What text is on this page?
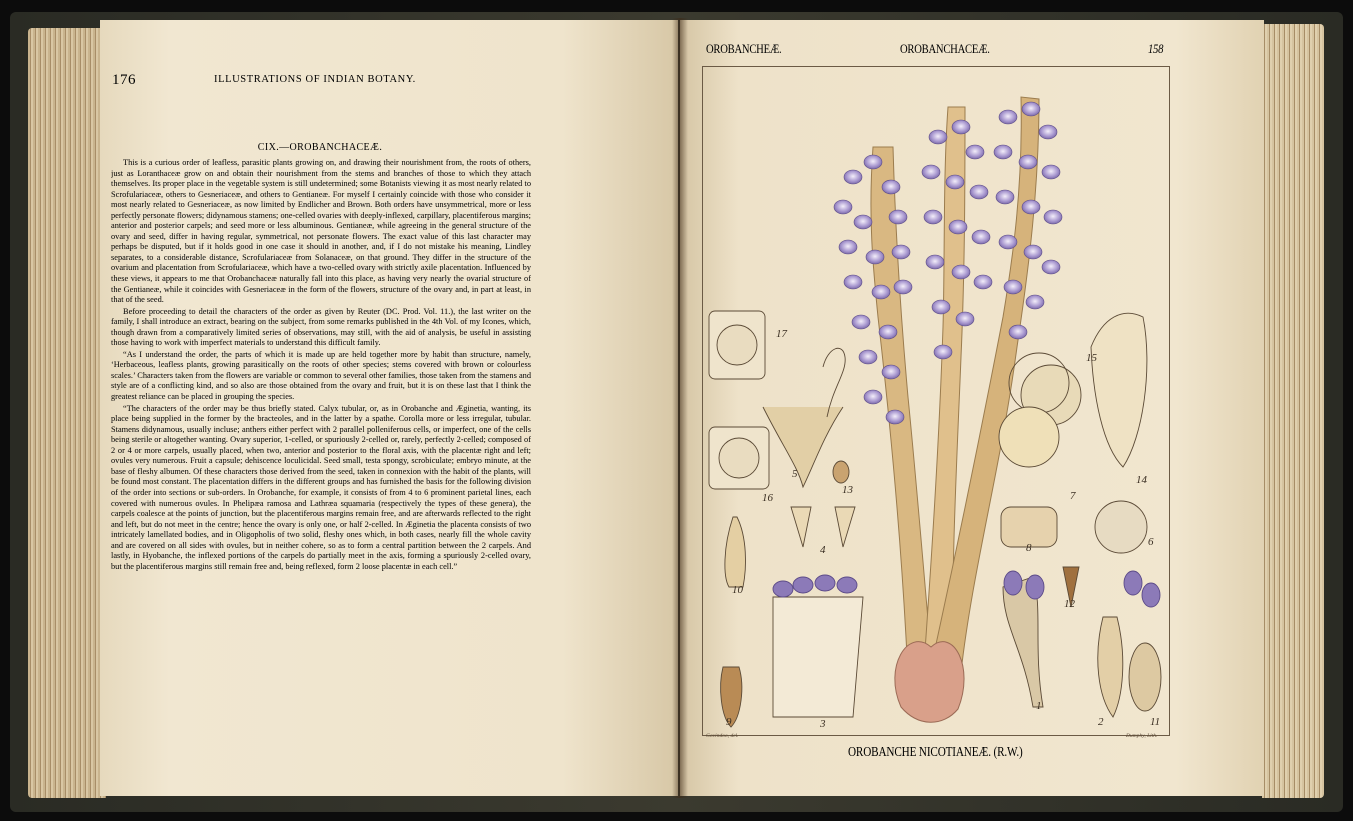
176	ILLUSTRATIONS OF INDIAN BOTANY.
CIX.—OROBANCHACEÆ.

This is a curious order of leafless, parasitic plants growing on, and drawing their nourishment from, the roots of others, just as Loranthaceæ grow on and obtain their nourishment from the stems and branches of those to which they attach themselves. Its proper place in the vegetable system is still undetermined; some Botanists viewing it as most nearly related to Scrofulariaceæ, others to Gesneriaceæ, and others to Gentianeæ. For myself I certainly coincide with those who consider it most nearly related to Gesneriaceæ, as now limited by Endlicher and Brown. Both orders have unsymmetrical, more or less perfectly personate flowers; didynamous stamens; one-celled ovaries with deeply-inflexed, carpillary, placentiferous margins; anterior and posterior carpels; and seed more or less albuminous. Gentianeæ, while agreeing in the general structure of the ovary and seed, differ in having regular, symmetrical, not personate flowers. The exact value of this last character may perhaps be disputed, but if it holds good in one case it should in another, and, if I do not mistake his meaning, Lindley separates, to a considerable distance, Scrofulariaceæ from Solanaceæ, on that ground. They differ in the structure of the ovarium and placentation from Scrofulariaceæ, which have a two-celled ovary with strictly axile placentation. Influenced by these views, it appears to me that Orobanchaceæ naturally fall into this place, as having very nearly the ovarial structure of the Gentianeæ, while it coincides with Gesneriaceæ in the form of the flowers, structure of the ovary and, in part at least, in that of the seed.

Before proceeding to detail the characters of the order as given by Reuter (DC. Prod. Vol. 11.), the last writer on the family, I shall introduce an extract, bearing on the subject, from some remarks published in the 4th Vol. of my Icones, which, though drawn from a comparatively limited series of observations, may still, with the aid of analysis, be useful in assisting those having to work with imperfect materials to understand this difficult family.

“As I understand the order, the parts of which it is made up are held together more by habit than structure, namely, ‘Herbaceous, leafless plants, growing parasitically on the roots of other species; stems covered with brown or colourless scales.’ Characters taken from the flowers are variable or common to several other families, those taken from the stamens and style are of a conflicting kind, and so also are those obtained from the ovary and fruit, but it is on these last that I think the greatest reliance can be placed in grouping the species.

“The characters of the order may be thus briefly stated. Calyx tubular, or, as in Orobanche and Æginetia, wanting, its place being supplied in the former by the bracteoles, and in the latter by a spathe. Corolla more or less irregular, tubular. Stamens didynamous, usually incluse; anthers either perfect with 2 parallel polleniferous cells, or imperfect, one of the cells being sterile or altogether wanting. Ovary superior, 1-celled, or spuriously 2-celled or, rarely, perfectly 2-celled; composed of 2 or 4 or more carpels, usually placed, when two, anterior and posterior to the floral axis, with the placentæ right and left; ovules very numerous. Fruit a capsule; dehiscence loculicidal. Seed small, testa spongy, scrobiculate; embryo minute, at the base of fleshy albumen. Of these characters those derived from the seed, taken in connexion with the habit of the plants, will be found most constant. The placentation differs in the different groups and has furnished the basis for the following division of the order into sections or sub-orders. In Orobanche, for example, it consists of from 4 to 6 prominent parietal lines, each covered with numerous ovules. In Phelipæa ramosa and Lathræa squamaria (respectively the types of these genera), the carpels coalesce at the points of junction, but the placentiferous margins remain free, and are afterwards reflected to the right and left, but do not meet in the centre; hence the ovary is only one, or half 2-celled. In Æginetia the placenta consists of two intricately lamellated bodies, and in Oligopholis of two solid, fleshy ones which, in both cases, nearly fill the whole cavity and are covered on all sides with ovules, but in neither cohere, so as to form a central partition between the 2 carpels. And lastly, in Hyobanche, the inflexed portions of the carpels do partially meet in the axis, forming a spuriously 2-celled ovary, but the placentiferous margins still remain free and, being reflexed, form 2 loose placentæ in each cell.”

OROBANCHEÆ.	OROBANCHACEÆ.	158
17
5
13
16
4
10
9	3
1
12
8
7
15
14
6
2	11
Govindoo, del.	Dumphy, Lith.
OROBANCHE NICOTIANEÆ. (R.W.)
